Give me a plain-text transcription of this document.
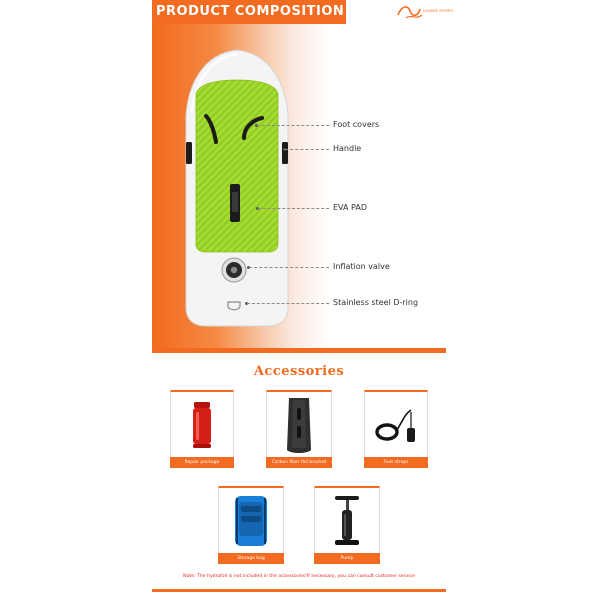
PRODUCT COMPOSITION	GUANYE SPORTS
Foot covers
Handle
EVA PAD
Inflation valve
Stainless steel D-ring
Accessories
Repair package	Carbon fiber foil bracket	Foot straps
Storage bag	Pump
Note: The hydrofoil is not included in the accessories!If necessary, you can consult customer service
